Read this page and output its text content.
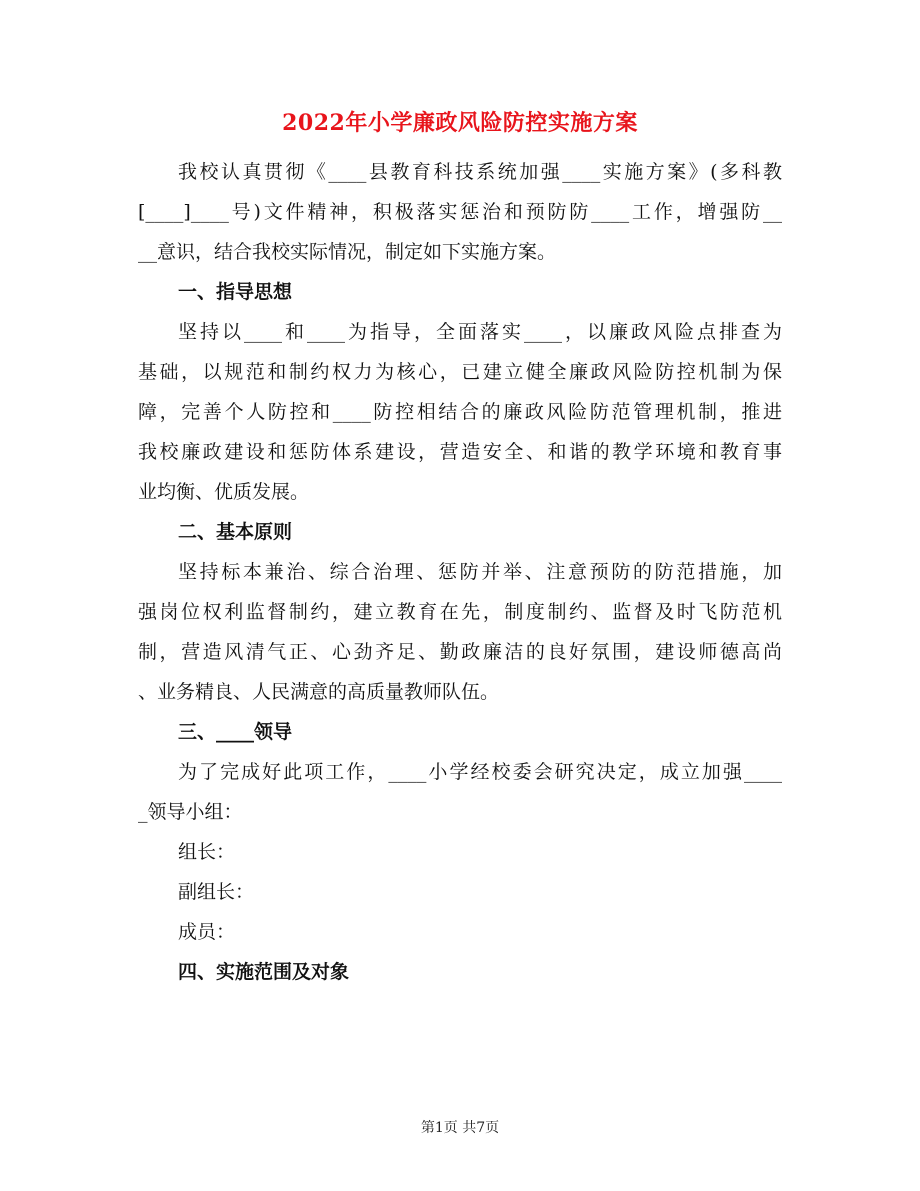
2022年小学廉政风险防控实施方案
我校认真贯彻《____县教育科技系统加强____实施方案》(多科教
[____]____号)文件精神，积极落实惩治和预防防____工作，增强防__
__意识，结合我校实际情况，制定如下实施方案。
一、指导思想
坚持以____和____为指导，全面落实____，以廉政风险点排查为
基础，以规范和制约权力为核心，已建立健全廉政风险防控机制为保
障，完善个人防控和____防控相结合的廉政风险防范管理机制，推进
我校廉政建设和惩防体系建设，营造安全、和谐的教学环境和教育事
业均衡、优质发展。
二、基本原则
坚持标本兼治、综合治理、惩防并举、注意预防的防范措施，加
强岗位权利监督制约，建立教育在先，制度制约、监督及时飞防范机
制，营造风清气正、心劲齐足、勤政廉洁的良好氛围，建设师德高尚
、业务精良、人民满意的高质量教师队伍。
三、____领导
为了完成好此项工作，____小学经校委会研究决定，成立加强____
_领导小组：
组长：
副组长：
成员：
四、实施范围及对象
第1页 共7页
